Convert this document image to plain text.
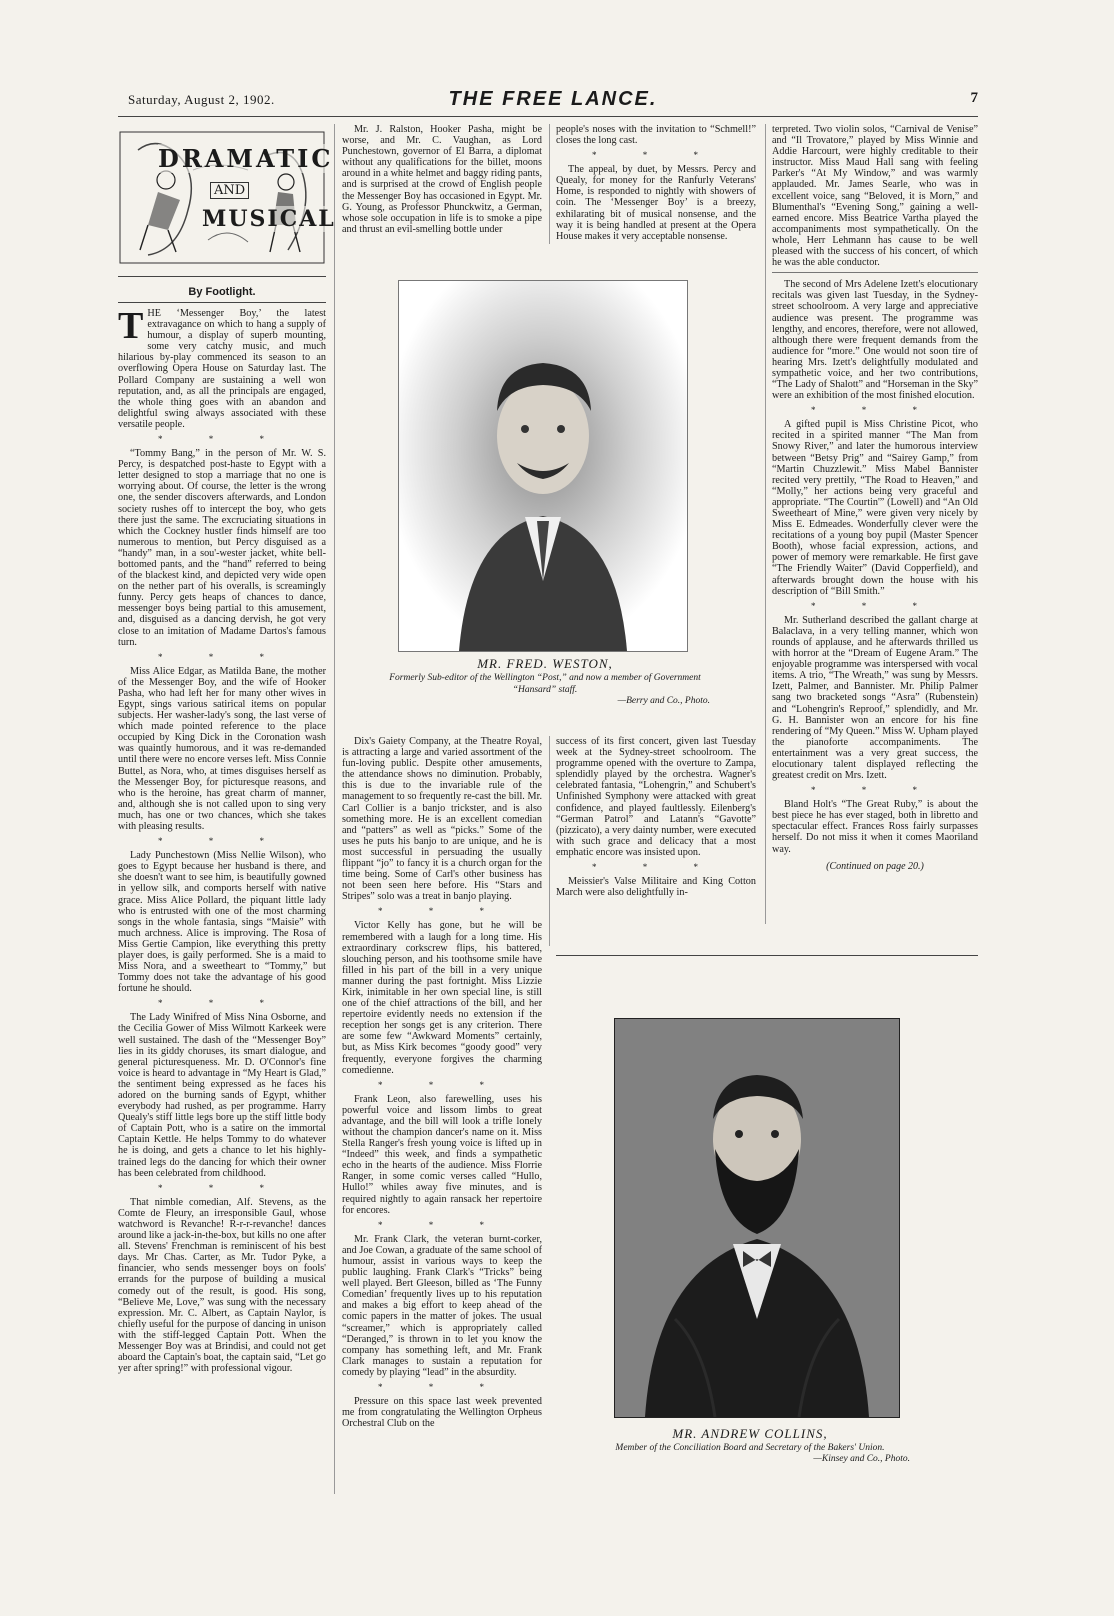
Saturday, August 2, 1902.	THE FREE LANCE.	7
DRAMATIC
AND
MUSICAL
By Footlight.

THE ‘Messenger Boy,’ the latest extravagance on which to hang a supply of humour, a display of superb mounting, some very catchy music, and much hilarious by-play commenced its season to an overflowing Opera House on Saturday last. The Pollard Company are sustaining a well won reputation, and, as all the principals are engaged, the whole thing goes with an abandon and delightful swing always associated with these versatile people.

* * *

“Tommy Bang,” in the person of Mr. W. S. Percy, is despatched post-haste to Egypt with a letter designed to stop a marriage that no one is worrying about. Of course, the letter is the wrong one, the sender discovers afterwards, and London society rushes off to intercept the boy, who gets there just the same. The excruciating situations in which the Cockney hustler finds himself are too numerous to mention, but Percy disguised as a “handy” man, in a sou'-wester jacket, white bell-bottomed pants, and the “hand” referred to being of the blackest kind, and depicted very wide open on the nether part of his overalls, is screamingly funny. Percy gets heaps of chances to dance, messenger boys being partial to this amusement, and, disguised as a dancing dervish, he got very close to an imitation of Madame Dartos's famous turn.

* * *

Miss Alice Edgar, as Matilda Bane, the mother of the Messenger Boy, and the wife of Hooker Pasha, who had left her for many other wives in Egypt, sings various satirical items on popular subjects. Her washer-lady's song, the last verse of which made pointed reference to the place occupied by King Dick in the Coronation wash was quaintly humorous, and it was re-demanded until there were no encore verses left. Miss Connie Buttel, as Nora, who, at times disguises herself as the Messenger Boy, for picturesque reasons, and who is the heroine, has great charm of manner, and, although she is not called upon to sing very much, has one or two chances, which she takes with pleasing results.

* * *

Lady Punchestown (Miss Nellie Wilson), who goes to Egypt because her husband is there, and she doesn't want to see him, is beautifully gowned in yellow silk, and comports herself with native grace. Miss Alice Pollard, the piquant little lady who is entrusted with one of the most charming songs in the whole fantasia, sings “Maisie” with much archness. Alice is improving. The Rosa of Miss Gertie Campion, like everything this pretty player does, is gaily performed. She is a maid to Miss Nora, and a sweetheart to “Tommy,” but Tommy does not take the advantage of his good fortune he should.

* * *

The Lady Winifred of Miss Nina Osborne, and the Cecilia Gower of Miss Wilmott Karkeek were well sustained. The dash of the “Messenger Boy” lies in its giddy choruses, its smart dialogue, and general picturesqueness. Mr. D. O'Connor's fine voice is heard to advantage in “My Heart is Glad,” the sentiment being expressed as he faces his adored on the burning sands of Egypt, whither everybody had rushed, as per programme. Harry Quealy's stiff little legs bore up the stiff little body of Captain Pott, who is a satire on the immortal Captain Kettle. He helps Tommy to do whatever he is doing, and gets a chance to let his highly-trained legs do the dancing for which their owner has been celebrated from childhood.

* * *

That nimble comedian, Alf. Stevens, as the Comte de Fleury, an irresponsible Gaul, whose watchword is Revanche! R-r-r-revanche! dances around like a jack-in-the-box, but kills no one after all. Stevens' Frenchman is reminiscent of his best days. Mr Chas. Carter, as Mr. Tudor Pyke, a financier, who sends messenger boys on fools' errands for the purpose of building a musical comedy out of the result, is good. His song, “Believe Me, Love,” was sung with the necessary expression. Mr. C. Albert, as Captain Naylor, is chiefly useful for the purpose of dancing in unison with the stiff-legged Captain Pott. When the Messenger Boy was at Brindisi, and could not get aboard the Captain's boat, the captain said, “Let go yer after spring!” with professional vigour.

Mr. J. Ralston, Hooker Pasha, might be worse, and Mr. C. Vaughan, as Lord Punchestown, governor of El Barra, a diplomat without any qualifications for the billet, moons around in a white helmet and baggy riding pants, and is surprised at the crowd of English people the Messenger Boy has occasioned in Egypt. Mr. G. Young, as Professor Phunckwitz, a German, whose sole occupation in life is to smoke a pipe and thrust an evil-smelling bottle under

people's noses with the invitation to “Schmell!” closes the long cast.

* * *

The appeal, by duet, by Messrs. Percy and Quealy, for money for the Ranfurly Veterans' Home, is responded to nightly with showers of coin. The ‘Messenger Boy’ is a breezy, exhilarating bit of musical nonsense, and the way it is being handled at present at the Opera House makes it very acceptable nonsense.

MR. FRED. WESTON,
Formerly Sub-editor of the Wellington “Post,” and now a member of Government “Hansard” staff.
—Berry and Co., Photo.

Dix's Gaiety Company, at the Theatre Royal, is attracting a large and varied assortment of the fun-loving public. Despite other amusements, the attendance shows no diminution. Probably, this is due to the invariable rule of the management to so frequently re-cast the bill. Mr. Carl Collier is a banjo trickster, and is also something more. He is an excellent comedian and “patters” as well as “picks.” Some of the uses he puts his banjo to are unique, and he is most successful in persuading the usually flippant “jo” to fancy it is a church organ for the time being. Some of Carl's other business has not been seen here before. His “Stars and Stripes” solo was a treat in banjo playing.

* * *

Victor Kelly has gone, but he will be remembered with a laugh for a long time. His extraordinary corkscrew flips, his battered, slouching person, and his toothsome smile have filled in his part of the bill in a very unique manner during the past fortnight. Miss Lizzie Kirk, inimitable in her own special line, is still one of the chief attractions of the bill, and her repertoire evidently needs no extension if the reception her songs get is any criterion. There are some few “Awkward Moments” certainly, but, as Miss Kirk becomes “goody good” very frequently, everyone forgives the charming comedienne.

* * *

Frank Leon, also farewelling, uses his powerful voice and lissom limbs to great advantage, and the bill will look a trifle lonely without the champion dancer's name on it. Miss Stella Ranger's fresh young voice is lifted up in “Indeed” this week, and finds a sympathetic echo in the hearts of the audience. Miss Florrie Ranger, in some comic verses called “Hullo, Hullo!” whiles away five minutes, and is required nightly to again ransack her repertoire for encores.

* * *

Mr. Frank Clark, the veteran burnt-corker, and Joe Cowan, a graduate of the same school of humour, assist in various ways to keep the public laughing. Frank Clark's “Tricks” being well played. Bert Gleeson, billed as ‘The Funny Comedian’ frequently lives up to his reputation and makes a big effort to keep ahead of the comic papers in the matter of jokes. The usual “screamer,” which is appropriately called “Deranged,” is thrown in to let you know the company has something left, and Mr. Frank Clark manages to sustain a reputation for comedy by playing “lead” in the absurdity.

* * *

Pressure on this space last week prevented me from congratulating the Wellington Orpheus Orchestral Club on the

success of its first concert, given last Tuesday week at the Sydney-street schoolroom. The programme opened with the overture to Zampa, splendidly played by the orchestra. Wagner's celebrated fantasia, “Lohengrin,” and Schubert's Unfinished Symphony were attacked with great confidence, and played faultlessly. Eilenberg's “German Patrol” and Latann's “Gavotte” (pizzicato), a very dainty number, were executed with such grace and delicacy that a most emphatic encore was insisted upon.

* * *

Meissier's Valse Militaire and King Cotton March were also delightfully in-

terpreted. Two violin solos, “Carnival de Venise” and “Il Trovatore,” played by Miss Winnie and Addie Harcourt, were highly creditable to their instructor. Miss Maud Hall sang with feeling Parker's “At My Window,” and was warmly applauded. Mr. James Searle, who was in excellent voice, sang “Beloved, it is Morn,” and Blumenthal's “Evening Song,” gaining a well-earned encore. Miss Beatrice Vartha played the accompaniments most sympathetically. On the whole, Herr Lehmann has cause to be well pleased with the success of his concert, of which he was the able conductor.

The second of Mrs Adelene Izett's elocutionary recitals was given last Tuesday, in the Sydney-street schoolroom. A very large and appreciative audience was present. The programme was lengthy, and encores, therefore, were not allowed, although there were frequent demands from the audience for “more.” One would not soon tire of hearing Mrs. Izett's delightfully modulated and sympathetic voice, and her two contributions, “The Lady of Shalott” and “Horseman in the Sky” were an exhibition of the most finished elocution.

* * *

A gifted pupil is Miss Christine Picot, who recited in a spirited manner “The Man from Snowy River,” and later the humorous interview between “Betsy Prig” and “Sairey Gamp,” from “Martin Chuzzlewit.” Miss Mabel Bannister recited very prettily, “The Road to Heaven,” and “Molly,” her actions being very graceful and appropriate. “The Courtin'” (Lowell) and “An Old Sweetheart of Mine,” were given very nicely by Miss E. Edmeades. Wonderfully clever were the recitations of a young boy pupil (Master Spencer Booth), whose facial expression, actions, and power of memory were remarkable. He first gave “The Friendly Waiter” (David Copperfield), and afterwards brought down the house with his description of “Bill Smith.”

* * *

Mr. Sutherland described the gallant charge at Balaclava, in a very telling manner, which won rounds of applause, and he afterwards thrilled us with horror at the “Dream of Eugene Aram.” The enjoyable programme was interspersed with vocal items. A trio, “The Wreath,” was sung by Messrs. Izett, Palmer, and Bannister. Mr. Philip Palmer sang two bracketed songs “Asra” (Rubenstein) and “Lohengrin's Reproof,” splendidly, and Mr. G. H. Bannister won an encore for his fine rendering of “My Queen.” Miss W. Upham played the pianoforte accompaniments. The entertainment was a very great success, the elocutionary talent displayed reflecting the greatest credit on Mrs. Izett.

* * *

Bland Holt's “The Great Ruby,” is about the best piece he has ever staged, both in libretto and spectacular effect. Frances Ross fairly surpasses herself. Do not miss it when it comes Maoriland way.

(Continued on page 20.)
MR. ANDREW COLLINS,
Member of the Conciliation Board and Secretary of the Bakers' Union.
—Kinsey and Co., Photo.
